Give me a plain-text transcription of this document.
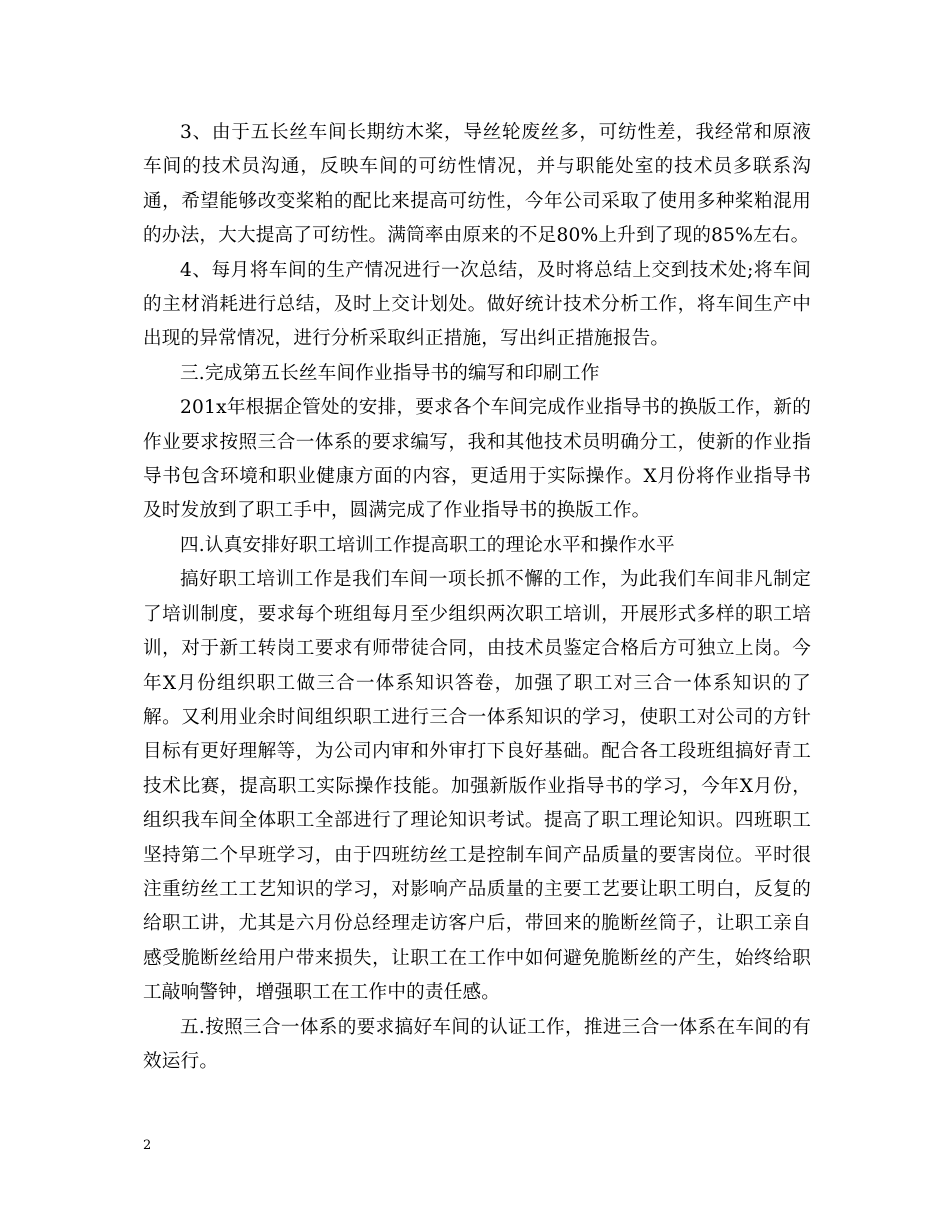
3、由于五长丝车间长期纺木桨，导丝轮废丝多，可纺性差，我经常和原液车间的技术员沟通，反映车间的可纺性情况，并与职能处室的技术员多联系沟通，希望能够改变桨粕的配比来提高可纺性，今年公司采取了使用多种桨粕混用的办法，大大提高了可纺性。满筒率由原来的不足80%上升到了现的85%左右。

4、每月将车间的生产情况进行一次总结，及时将总结上交到技术处;将车间的主材消耗进行总结，及时上交计划处。做好统计技术分析工作，将车间生产中出现的异常情况，进行分析采取纠正措施，写出纠正措施报告。

三.完成第五长丝车间作业指导书的编写和印刷工作

201x年根据企管处的安排，要求各个车间完成作业指导书的换版工作，新的作业要求按照三合一体系的要求编写，我和其他技术员明确分工，使新的作业指导书包含环境和职业健康方面的内容，更适用于实际操作。X月份将作业指导书及时发放到了职工手中，圆满完成了作业指导书的换版工作。

四.认真安排好职工培训工作提高职工的理论水平和操作水平

搞好职工培训工作是我们车间一项长抓不懈的工作，为此我们车间非凡制定了培训制度，要求每个班组每月至少组织两次职工培训，开展形式多样的职工培训，对于新工转岗工要求有师带徒合同，由技术员鉴定合格后方可独立上岗。今年X月份组织职工做三合一体系知识答卷，加强了职工对三合一体系知识的了解。又利用业余时间组织职工进行三合一体系知识的学习，使职工对公司的方针目标有更好理解等，为公司内审和外审打下良好基础。配合各工段班组搞好青工技术比赛，提高职工实际操作技能。加强新版作业指导书的学习，今年X月份，组织我车间全体职工全部进行了理论知识考试。提高了职工理论知识。四班职工坚持第二个早班学习，由于四班纺丝工是控制车间产品质量的要害岗位。平时很注重纺丝工工艺知识的学习，对影响产品质量的主要工艺要让职工明白，反复的给职工讲，尤其是六月份总经理走访客户后，带回来的脆断丝筒子，让职工亲自感受脆断丝给用户带来损失，让职工在工作中如何避免脆断丝的产生，始终给职工敲响警钟，增强职工在工作中的责任感。

五.按照三合一体系的要求搞好车间的认证工作，推进三合一体系在车间的有效运行。

2
